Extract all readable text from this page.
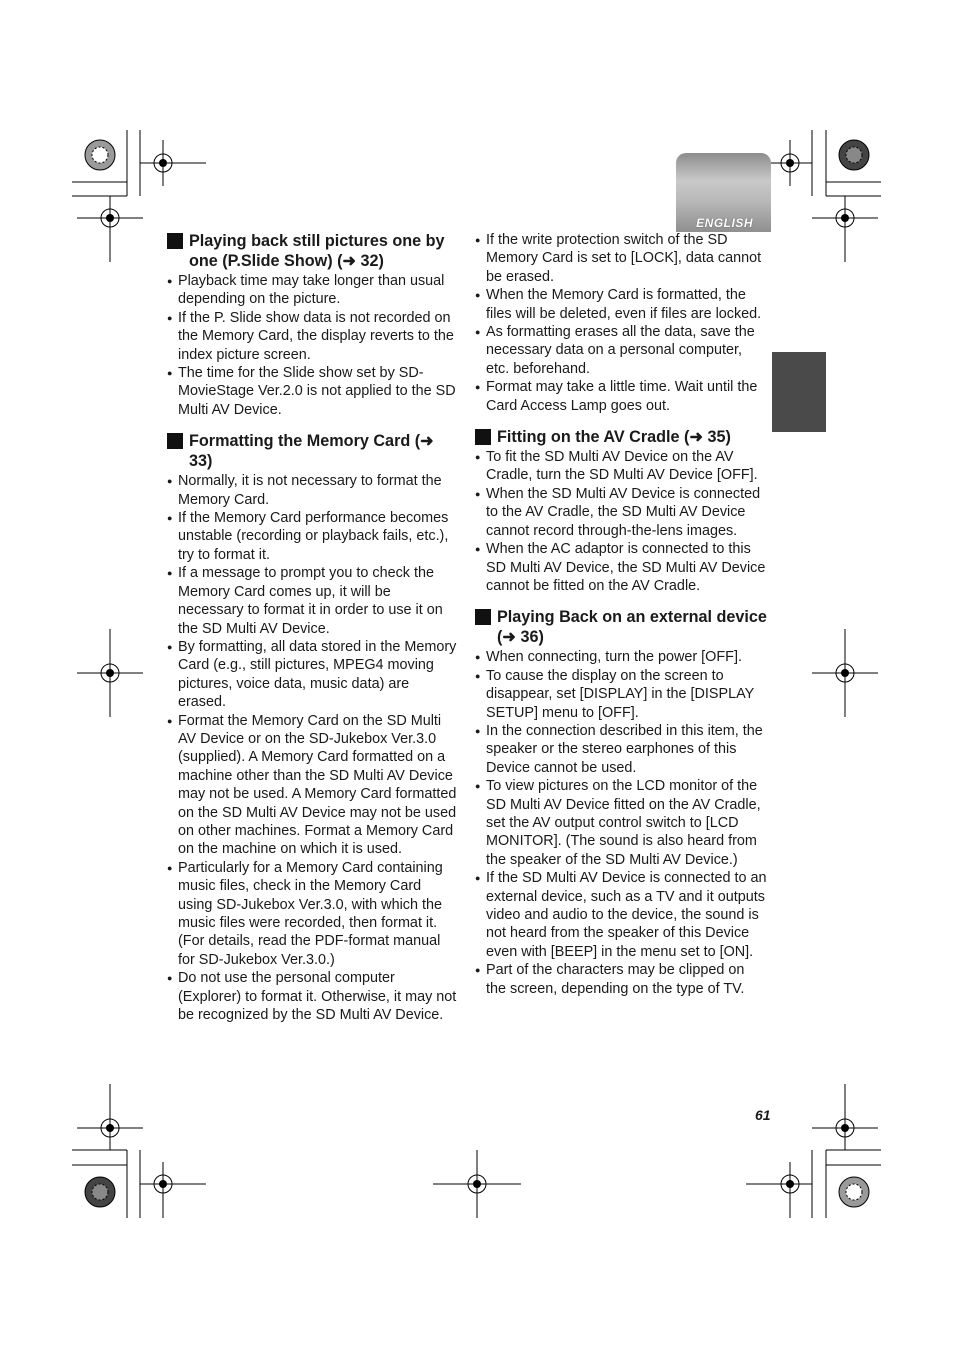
ENGLISH
Playing back still pictures one by one (P.Slide Show) (➜ 32)
● Playback time may take longer than usual depending on the picture.
● If the P. Slide show data is not recorded on the Memory Card, the display reverts to the index picture screen.
● The time for the Slide show set by SD-MovieStage Ver.2.0 is not applied to the SD Multi AV Device.
Formatting the Memory Card (➜ 33)
● Normally, it is not necessary to format the Memory Card.
● If the Memory Card performance becomes unstable (recording or playback fails, etc.), try to format it.
● If a message to prompt you to check the Memory Card comes up, it will be necessary to format it in order to use it on the SD Multi AV Device.
● By formatting, all data stored in the Memory Card (e.g., still pictures, MPEG4 moving pictures, voice data, music data) are erased.
● Format the Memory Card on the SD Multi AV Device or on the SD-Jukebox Ver.3.0 (supplied). A Memory Card formatted on a machine other than the SD Multi AV Device may not be used. A Memory Card formatted on the SD Multi AV Device may not be used on other machines. Format a Memory Card on the machine on which it is used.
● Particularly for a Memory Card containing music files, check in the Memory Card using SD-Jukebox Ver.3.0, with which the music files were recorded, then format it. (For details, read the PDF-format manual for SD-Jukebox Ver.3.0.)
● Do not use the personal computer (Explorer) to format it. Otherwise, it may not be recognized by the SD Multi AV Device.
● If the write protection switch of the SD Memory Card is set to [LOCK], data cannot be erased.
● When the Memory Card is formatted, the files will be deleted, even if files are locked.
● As formatting erases all the data, save the necessary data on a personal computer, etc. beforehand.
● Format may take a little time. Wait until the Card Access Lamp goes out.
Fitting on the AV Cradle (➜ 35)
● To fit the SD Multi AV Device on the AV Cradle, turn the SD Multi AV Device [OFF].
● When the SD Multi AV Device is connected to the AV Cradle, the SD Multi AV Device cannot record through-the-lens images.
● When the AC adaptor is connected to this SD Multi AV Device, the SD Multi AV Device cannot be fitted on the AV Cradle.
Playing Back on an external device (➜ 36)
● When connecting, turn the power [OFF].
● To cause the display on the screen to disappear, set [DISPLAY] in the [DISPLAY SETUP] menu to [OFF].
● In the connection described in this item, the speaker or the stereo earphones of this Device cannot be used.
● To view pictures on the LCD monitor of the SD Multi AV Device fitted on the AV Cradle, set the AV output control switch to [LCD MONITOR]. (The sound is also heard from the speaker of the SD Multi AV Device.)
● If the SD Multi AV Device is connected to an external device, such as a TV and it outputs video and audio to the device, the sound is not heard from the speaker of this Device even with [BEEP] in the menu set to [ON].
● Part of the characters may be clipped on the screen, depending on the type of TV.
61
